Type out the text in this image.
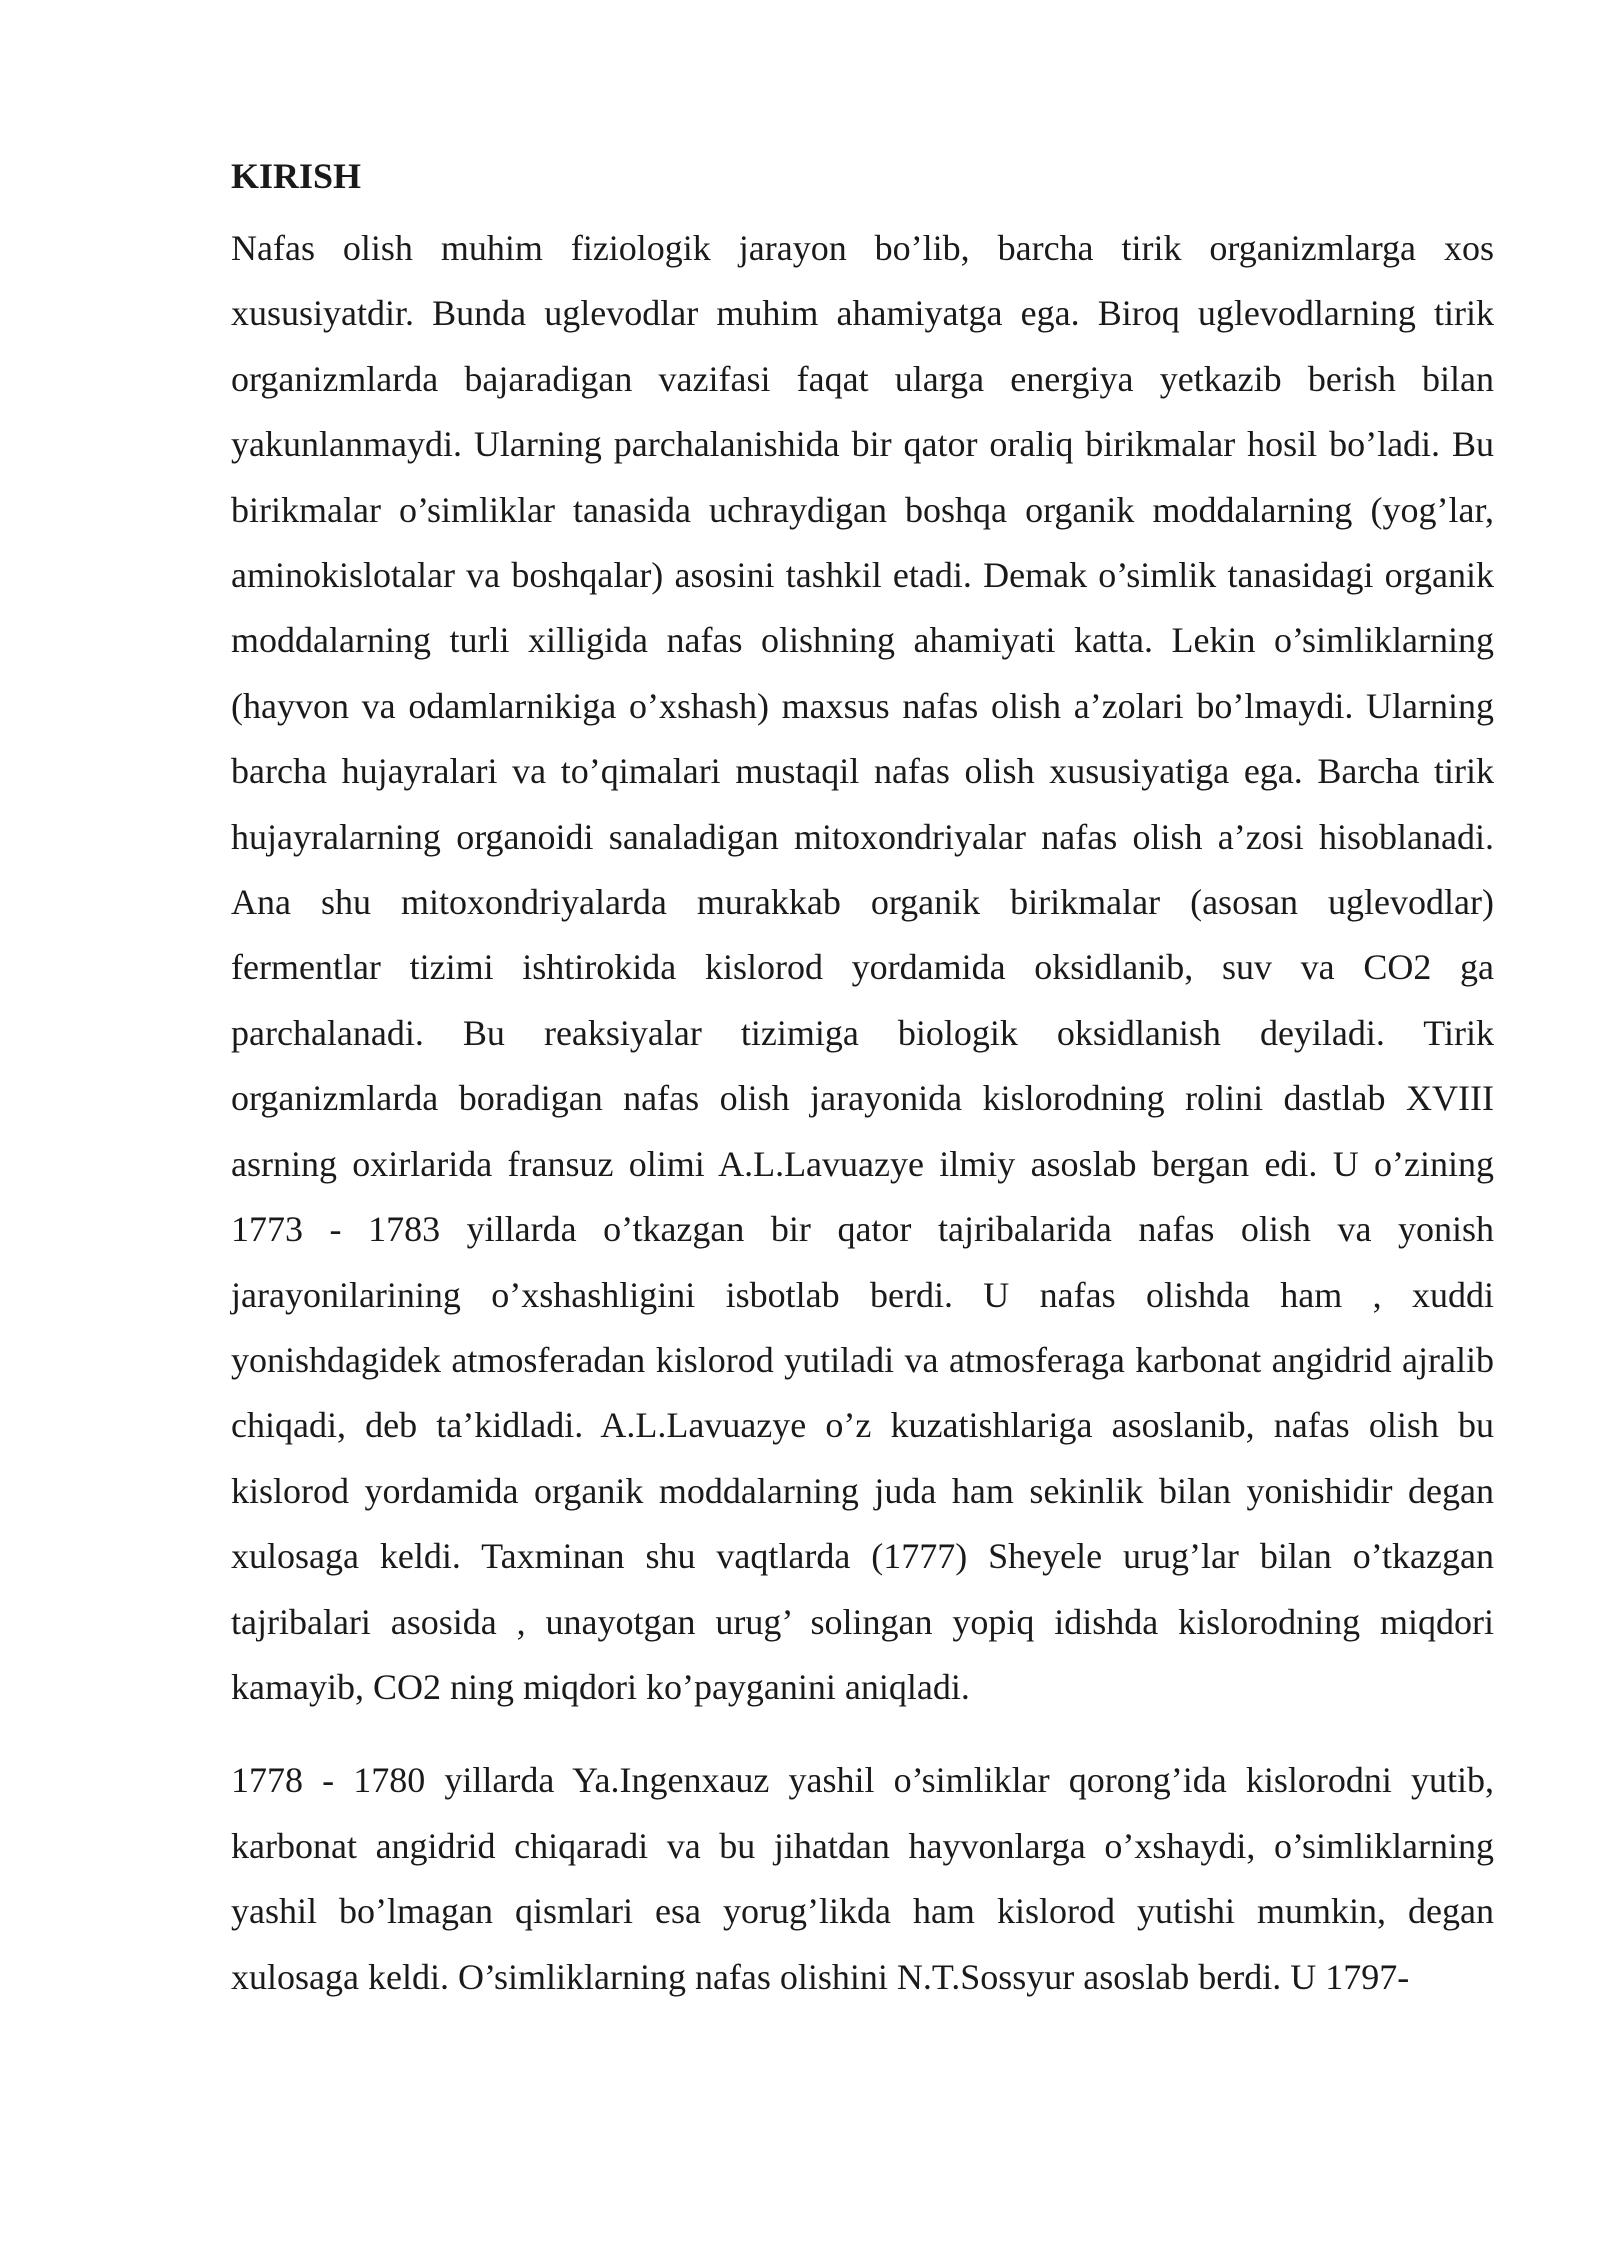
KIRISH

Nafas olish muhim fiziologik jarayon bo’lib, barcha tirik organizmlarga xos xususiyatdir. Bunda uglevodlar muhim ahamiyatga ega. Biroq uglevodlarning tirik organizmlarda bajaradigan vazifasi faqat ularga energiya yetkazib berish bilan yakunlanmaydi. Ularning parchalanishida bir qator oraliq birikmalar hosil bo’ladi. Bu birikmalar o’simliklar tanasida uchraydigan boshqa organik moddalarning (yog’lar, aminokislotalar va boshqalar) asosini tashkil etadi. Demak o’simlik tanasidagi organik moddalarning turli xilligida nafas olishning ahamiyati katta. Lekin o’simliklarning (hayvon va odamlarnikiga o’xshash) maxsus nafas olish a’zolari bo’lmaydi. Ularning barcha hujayralari va to’qimalari mustaqil nafas olish xususiyatiga ega. Barcha tirik hujayralarning organoidi sanaladigan mitoxondriyalar nafas olish a’zosi hisoblanadi. Ana shu mitoxondriyalarda murakkab organik birikmalar (asosan uglevodlar) fermentlar tizimi ishtirokida kislorod yordamida oksidlanib, suv va CO2 ga parchalanadi. Bu reaksiyalar tizimiga biologik oksidlanish deyiladi. Tirik organizmlarda boradigan nafas olish jarayonida kislorodning rolini dastlab XVIII asrning oxirlarida fransuz olimi A.L.Lavuazye ilmiy asoslab bergan edi. U o’zining 1773 - 1783 yillarda o’tkazgan bir qator tajribalarida nafas olish va yonish jarayonilarining o’xshashligini isbotlab berdi. U nafas olishda ham , xuddi yonishdagidek atmosferadan kislorod yutiladi va atmosferaga karbonat angidrid ajralib chiqadi, deb ta’kidladi. A.L.Lavuazye o’z kuzatishlariga asoslanib, nafas olish bu kislorod yordamida organik moddalarning juda ham sekinlik bilan yonishidir degan xulosaga keldi. Taxminan shu vaqtlarda (1777) Sheyele urug’lar bilan o’tkazgan tajribalari asosida , unayotgan urug’ solingan yopiq idishda kislorodning miqdori kamayib, CO2 ning miqdori ko’payganini aniqladi.

1778 - 1780 yillarda Ya.Ingenxauz yashil o’simliklar qorong’ida kislorodni yutib, karbonat angidrid chiqaradi va bu jihatdan hayvonlarga o’xshaydi, o’simliklarning yashil bo’lmagan qismlari esa yorug’likda ham kislorod yutishi mumkin, degan xulosaga keldi. O’simliklarning nafas olishini N.T.Sossyur asoslab berdi. U 1797-
